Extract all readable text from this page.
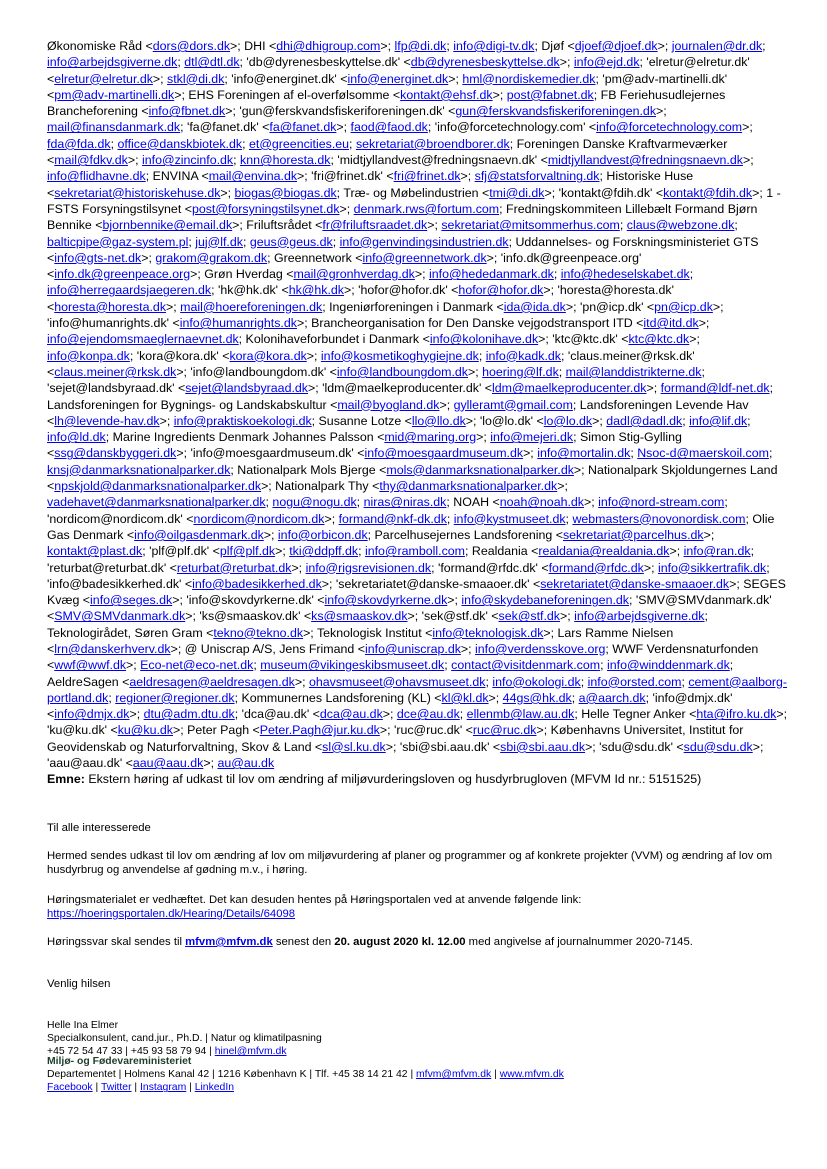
Økonomiske Råd <dors@dors.dk>; DHI <dhi@dhigroup.com>; lfp@di.dk; info@digi-tv.dk; Djøf <djoef@djoef.dk>; journalen@dr.dk; info@arbejdsgiverne.dk; dtl@dtl.dk; 'db@dyrenesbeskyttelse.dk' <db@dyrenesbeskyttelse.dk>; info@ejd.dk; 'elretur@elretur.dk' <elretur@elretur.dk>; stkl@di.dk; 'info@energinet.dk' <info@energinet.dk>; hml@nordiskemedier.dk; 'pm@adv-martinelli.dk' <pm@adv-martinelli.dk>; EHS Foreningen af el-overfølsomme <kontakt@ehsf.dk>; post@fabnet.dk; FB Feriehusudlejernes Brancheforening <info@fbnet.dk>; 'gun@ferskvandsfiskeriforeningen.dk' <gun@ferskvandsfiskeriforeningen.dk>; mail@finansdanmark.dk; 'fa@fanet.dk' <fa@fanet.dk>; faod@faod.dk; 'info@forcetechnology.com' <info@forcetechnology.com>; fda@fda.dk; office@danskbiotek.dk; et@greencities.eu; sekretariat@broendborer.dk; Foreningen Danske Kraftvarmeværker <mail@fdkv.dk>; info@zincinfo.dk; knn@horesta.dk; 'midtjyllandvest@fredningsnaevn.dk' <midtjyllandvest@fredningsnaevn.dk>; info@flidhavne.dk; ENVINA <mail@envina.dk>; 'fri@frinet.dk' <fri@frinet.dk>; sfj@statsforvaltning.dk; Historiske Huse <sekretariat@historiskehuse.dk>; biogas@biogas.dk; Træ- og Møbelindustrien <tmi@di.dk>; 'kontakt@fdih.dk' <kontakt@fdih.dk>; 1 - FSTS Forsyningstilsynet <post@forsyningstilsynet.dk>; denmark.rws@fortum.com; Fredningskommiteen Lillebælt Formand Bjørn Bennike <bjornbennike@email.dk>; Friluftsrådet <fr@friluftsraadet.dk>; sekretariat@mitsommerhus.com; claus@webzone.dk; balticpipe@gaz-system.pl; juj@lf.dk; geus@geus.dk; info@genvindingsindustrien.dk; Uddannelses- og Forskningsministeriet GTS <info@gts-net.dk>; grakom@grakom.dk; Greennetwork <info@greennetwork.dk>; 'info.dk@greenpeace.org' <info.dk@greenpeace.org>; Grøn Hverdag <mail@gronhverdag.dk>; info@hededanmark.dk; info@hedeselskabet.dk; info@herregaardsjaegeren.dk; 'hk@hk.dk' <hk@hk.dk>; 'hofor@hofor.dk' <hofor@hofor.dk>; 'horesta@horesta.dk' <horesta@horesta.dk>; mail@hoereforeningen.dk; Ingeniørforeningen i Danmark <ida@ida.dk>; 'pn@icp.dk' <pn@icp.dk>; 'info@humanrights.dk' <info@humanrights.dk>; Brancheorganisation for Den Danske vejgodstransport ITD <itd@itd.dk>; info@ejendomsmaeglernaevnet.dk; Kolonihaveforbundet i Danmark <info@kolonihave.dk>; 'ktc@ktc.dk' <ktc@ktc.dk>; info@konpa.dk; 'kora@kora.dk' <kora@kora.dk>; info@kosmetikoghygiejne.dk; info@kadk.dk; 'claus.meiner@rksk.dk' <claus.meiner@rksk.dk>; 'info@landboungdom.dk' <info@landboungdom.dk>; hoering@lf.dk; mail@landdistrikterne.dk; 'sejet@landsbyraad.dk' <sejet@landsbyraad.dk>; 'ldm@maelkeproducenter.dk' <ldm@maelkeproducenter.dk>; formand@ldf-net.dk; Landsforeningen for Bygnings- og Landskabskultur <mail@byogland.dk>; gylleramt@gmail.com; Landsforeningen Levende Hav <lh@levende-hav.dk>; info@praktiskoekologi.dk; Susanne Lotze <llo@llo.dk>; 'lo@lo.dk' <lo@lo.dk>; dadl@dadl.dk; info@lif.dk; info@ld.dk; Marine Ingredients Denmark Johannes Palsson <mid@maring.org>; info@mejeri.dk; Simon Stig-Gylling <ssg@danskbyggeri.dk>; 'info@moesgaardmuseum.dk' <info@moesgaardmuseum.dk>; info@mortalin.dk; Nsoc-d@maerskoil.com; knsj@danmarksnationalparker.dk; Nationalpark Mols Bjerge <mols@danmarksnationalparker.dk>; Nationalpark Skjoldungernes Land <npskjold@danmarksnationalparker.dk>; Nationalpark Thy <thy@danmarksnationalparker.dk>; vadehavet@danmarksnationalparker.dk; nogu@nogu.dk; niras@niras.dk; NOAH <noah@noah.dk>; info@nord-stream.com; 'nordicom@nordicom.dk' <nordicom@nordicom.dk>; formand@nkf-dk.dk; info@kystmuseet.dk; webmasters@novonordisk.com; Olie Gas Denmark <info@oilgasdenmark.dk>; info@orbicon.dk; Parcelhusejernes Landsforening <sekretariat@parcelhus.dk>; kontakt@plast.dk; 'plf@plf.dk' <plf@plf.dk>; tki@ddpff.dk; info@ramboll.com; Realdania <realdania@realdania.dk>; info@ran.dk; 'returbat@returbat.dk' <returbat@returbat.dk>; info@rigsrevisionen.dk; 'formand@rfdc.dk' <formand@rfdc.dk>; info@sikkertrafik.dk; 'info@badesikkerhed.dk' <info@badesikkerhed.dk>; 'sekretariatet@danske-smaaoer.dk' <sekretariatet@danske-smaaoer.dk>; SEGES Kvæg <info@seges.dk>; 'info@skovdyrkerne.dk' <info@skovdyrkerne.dk>; info@skydebaneforeningen.dk; 'SMV@SMVdanmark.dk' <SMV@SMVdanmark.dk>; 'ks@smaaskov.dk' <ks@smaaskov.dk>; 'sek@stf.dk' <sek@stf.dk>; info@arbejdsgiverne.dk; Teknologirådet, Søren Gram <tekno@tekno.dk>; Teknologisk Institut <info@teknologisk.dk>; Lars Ramme Nielsen <lrn@danskerhverv.dk>; @ Uniscrap A/S, Jens Frimand <info@uniscrap.dk>; info@verdensskove.org; WWF Verdensnaturfonden <wwf@wwf.dk>; Eco-net@eco-net.dk; museum@vikingeskibsmuseet.dk; contact@visitdenmark.com; info@winddenmark.dk; AeldreSagen <aeldresagen@aeldresagen.dk>; ohavsmuseet@ohavsmuseet.dk; info@okologi.dk; info@orsted.com; cement@aalborg-portland.dk; regioner@regioner.dk; Kommunernes Landsforening (KL) <kl@kl.dk>; 44gs@hk.dk; a@aarch.dk; 'info@dmjx.dk' <info@dmjx.dk>; dtu@adm.dtu.dk; 'dca@au.dk' <dca@au.dk>; dce@au.dk; ellenmb@law.au.dk; Helle Tegner Anker <hta@ifro.ku.dk>; 'ku@ku.dk' <ku@ku.dk>; Peter Pagh <Peter.Pagh@jur.ku.dk>; 'ruc@ruc.dk' <ruc@ruc.dk>; Københavns Universitet, Institut for Geovidenskab og Naturforvaltning, Skov & Land <sl@sl.ku.dk>; 'sbi@sbi.aau.dk' <sbi@sbi.aau.dk>; 'sdu@sdu.dk' <sdu@sdu.dk>; 'aau@aau.dk' <aau@aau.dk>; au@au.dk
Emne: Ekstern høring af udkast til lov om ændring af miljøvurderingsloven og husdyrbrugloven (MFVM Id nr.: 5151525)
Til alle interesserede
Hermed sendes udkast til lov om ændring af lov om miljøvurdering af planer og programmer og af konkrete projekter (VVM) og ændring af lov om husdyrbrug og anvendelse af gødning m.v., i høring.
Høringsmaterialet er vedhæftet. Det kan desuden hentes på Høringsportalen ved at anvende følgende link:
https://hoeringsportalen.dk/Hearing/Details/64098
Høringssvar skal sendes til mfvm@mfvm.dk senest den 20. august 2020 kl. 12.00 med angivelse af journalnummer 2020-7145.
Venlig hilsen
Helle Ina Elmer
Specialkonsulent, cand.jur., Ph.D. | Natur og klimatilpasning
+45 72 54 47 33 | +45 93 58 79 94 | hinel@mfvm.dk
Miljø- og Fødevareministeriet
Departementet | Holmens Kanal 42 | 1216 København K | Tlf. +45 38 14 21 42 | mfvm@mfvm.dk | www.mfvm.dk
Facebook | Twitter | Instagram | LinkedIn
